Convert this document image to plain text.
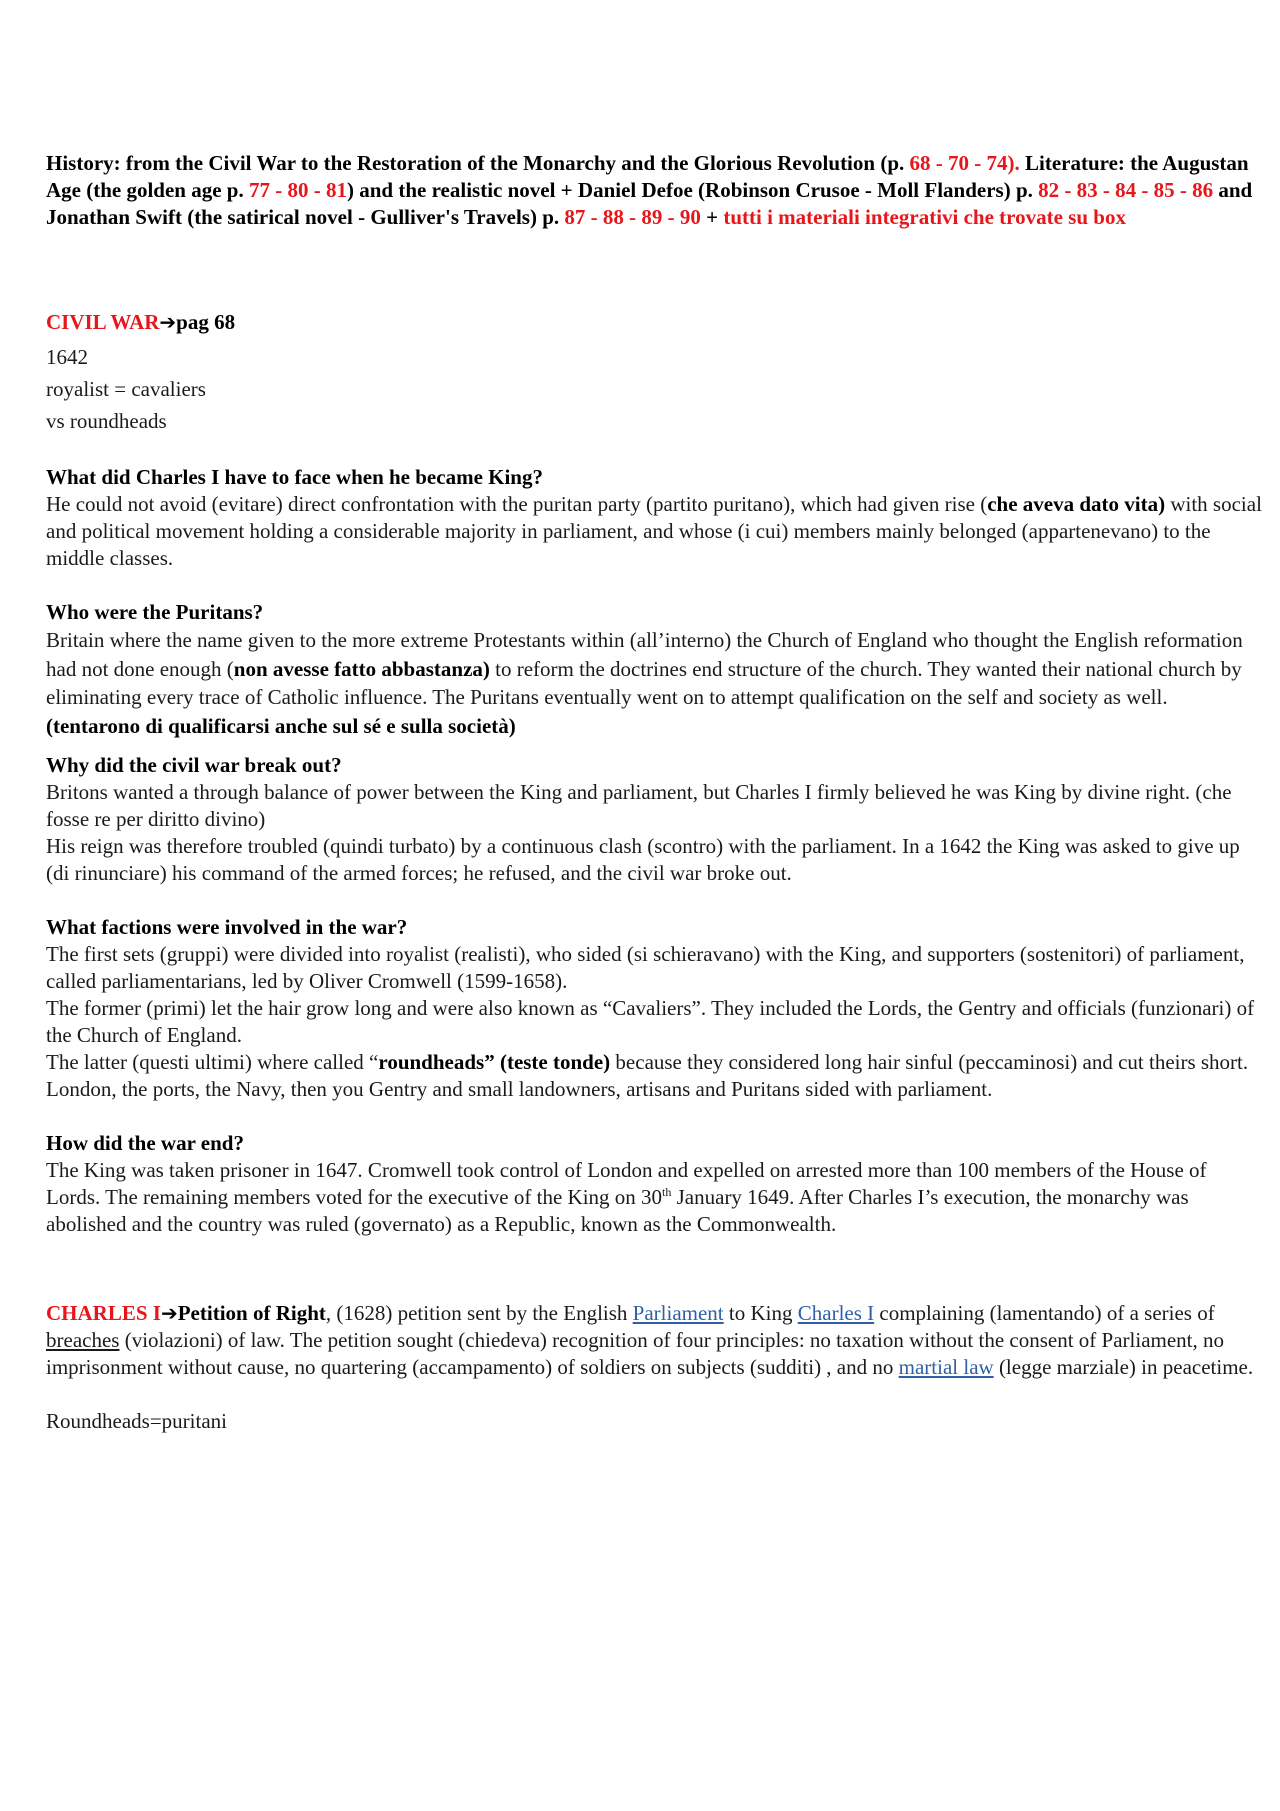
History: from the Civil War to the Restoration of the Monarchy and the Glorious Revolution (p. 68 - 70 - 74). Literature: the Augustan Age (the golden age p. 77 - 80 - 81) and the realistic novel + Daniel Defoe (Robinson Crusoe - Moll Flanders) p. 82 - 83 - 84 - 85 - 86 and Jonathan Swift (the satirical novel - Gulliver's Travels) p. 87 - 88 - 89 - 90 + tutti i materiali integrativi che trovate su box

CIVIL WAR➔pag 68

1642

royalist = cavaliers

vs roundheads

What did Charles I have to face when he became King?

He could not avoid (evitare) direct confrontation with the puritan party (partito puritano), which had given rise (che aveva dato vita) with social and political movement holding a considerable majority in parliament, and whose (i cui) members mainly belonged (appartenevano) to the middle classes.

Who were the Puritans?

Britain where the name given to the more extreme Protestants within (all’interno) the Church of England who thought the English reformation had not done enough (non avesse fatto abbastanza) to reform the doctrines end structure of the church. They wanted their national church by eliminating every trace of Catholic influence. The Puritans eventually went on to attempt qualification on the self and society as well. (tentarono di qualificarsi anche sul sé e sulla società)

Why did the civil war break out?

Britons wanted a through balance of power between the King and parliament, but Charles I firmly believed he was King by divine right. (che fosse re per diritto divino)

His reign was therefore troubled (quindi turbato) by a continuous clash (scontro) with the parliament. In a 1642 the King was asked to give up (di rinunciare) his command of the armed forces; he refused, and the civil war broke out.

What factions were involved in the war?

The first sets (gruppi) were divided into royalist (realisti), who sided (si schieravano) with the King, and supporters (sostenitori) of parliament, called parliamentarians, led by Oliver Cromwell (1599-1658).

The former (primi) let the hair grow long and were also known as “Cavaliers”. They included the Lords, the Gentry and officials (funzionari) of the Church of England.

The latter (questi ultimi) where called “roundheads” (teste tonde) because they considered long hair sinful (peccaminosi) and cut theirs short.

London, the ports, the Navy, then you Gentry and small landowners, artisans and Puritans sided with parliament.

How did the war end?

The King was taken prisoner in 1647. Cromwell took control of London and expelled on arrested more than 100 members of the House of Lords. The remaining members voted for the executive of the King on 30th January 1649. After Charles I’s execution, the monarchy was abolished and the country was ruled (governato) as a Republic, known as the Commonwealth.

CHARLES I➔Petition of Right, (1628) petition sent by the English Parliament to King Charles I complaining (lamentando) of a series of breaches (violazioni) of law. The petition sought (chiedeva) recognition of four principles: no taxation without the consent of Parliament, no imprisonment without cause, no quartering (accampamento) of soldiers on subjects (sudditi) , and no martial law (legge marziale) in peacetime.

Roundheads=puritani
